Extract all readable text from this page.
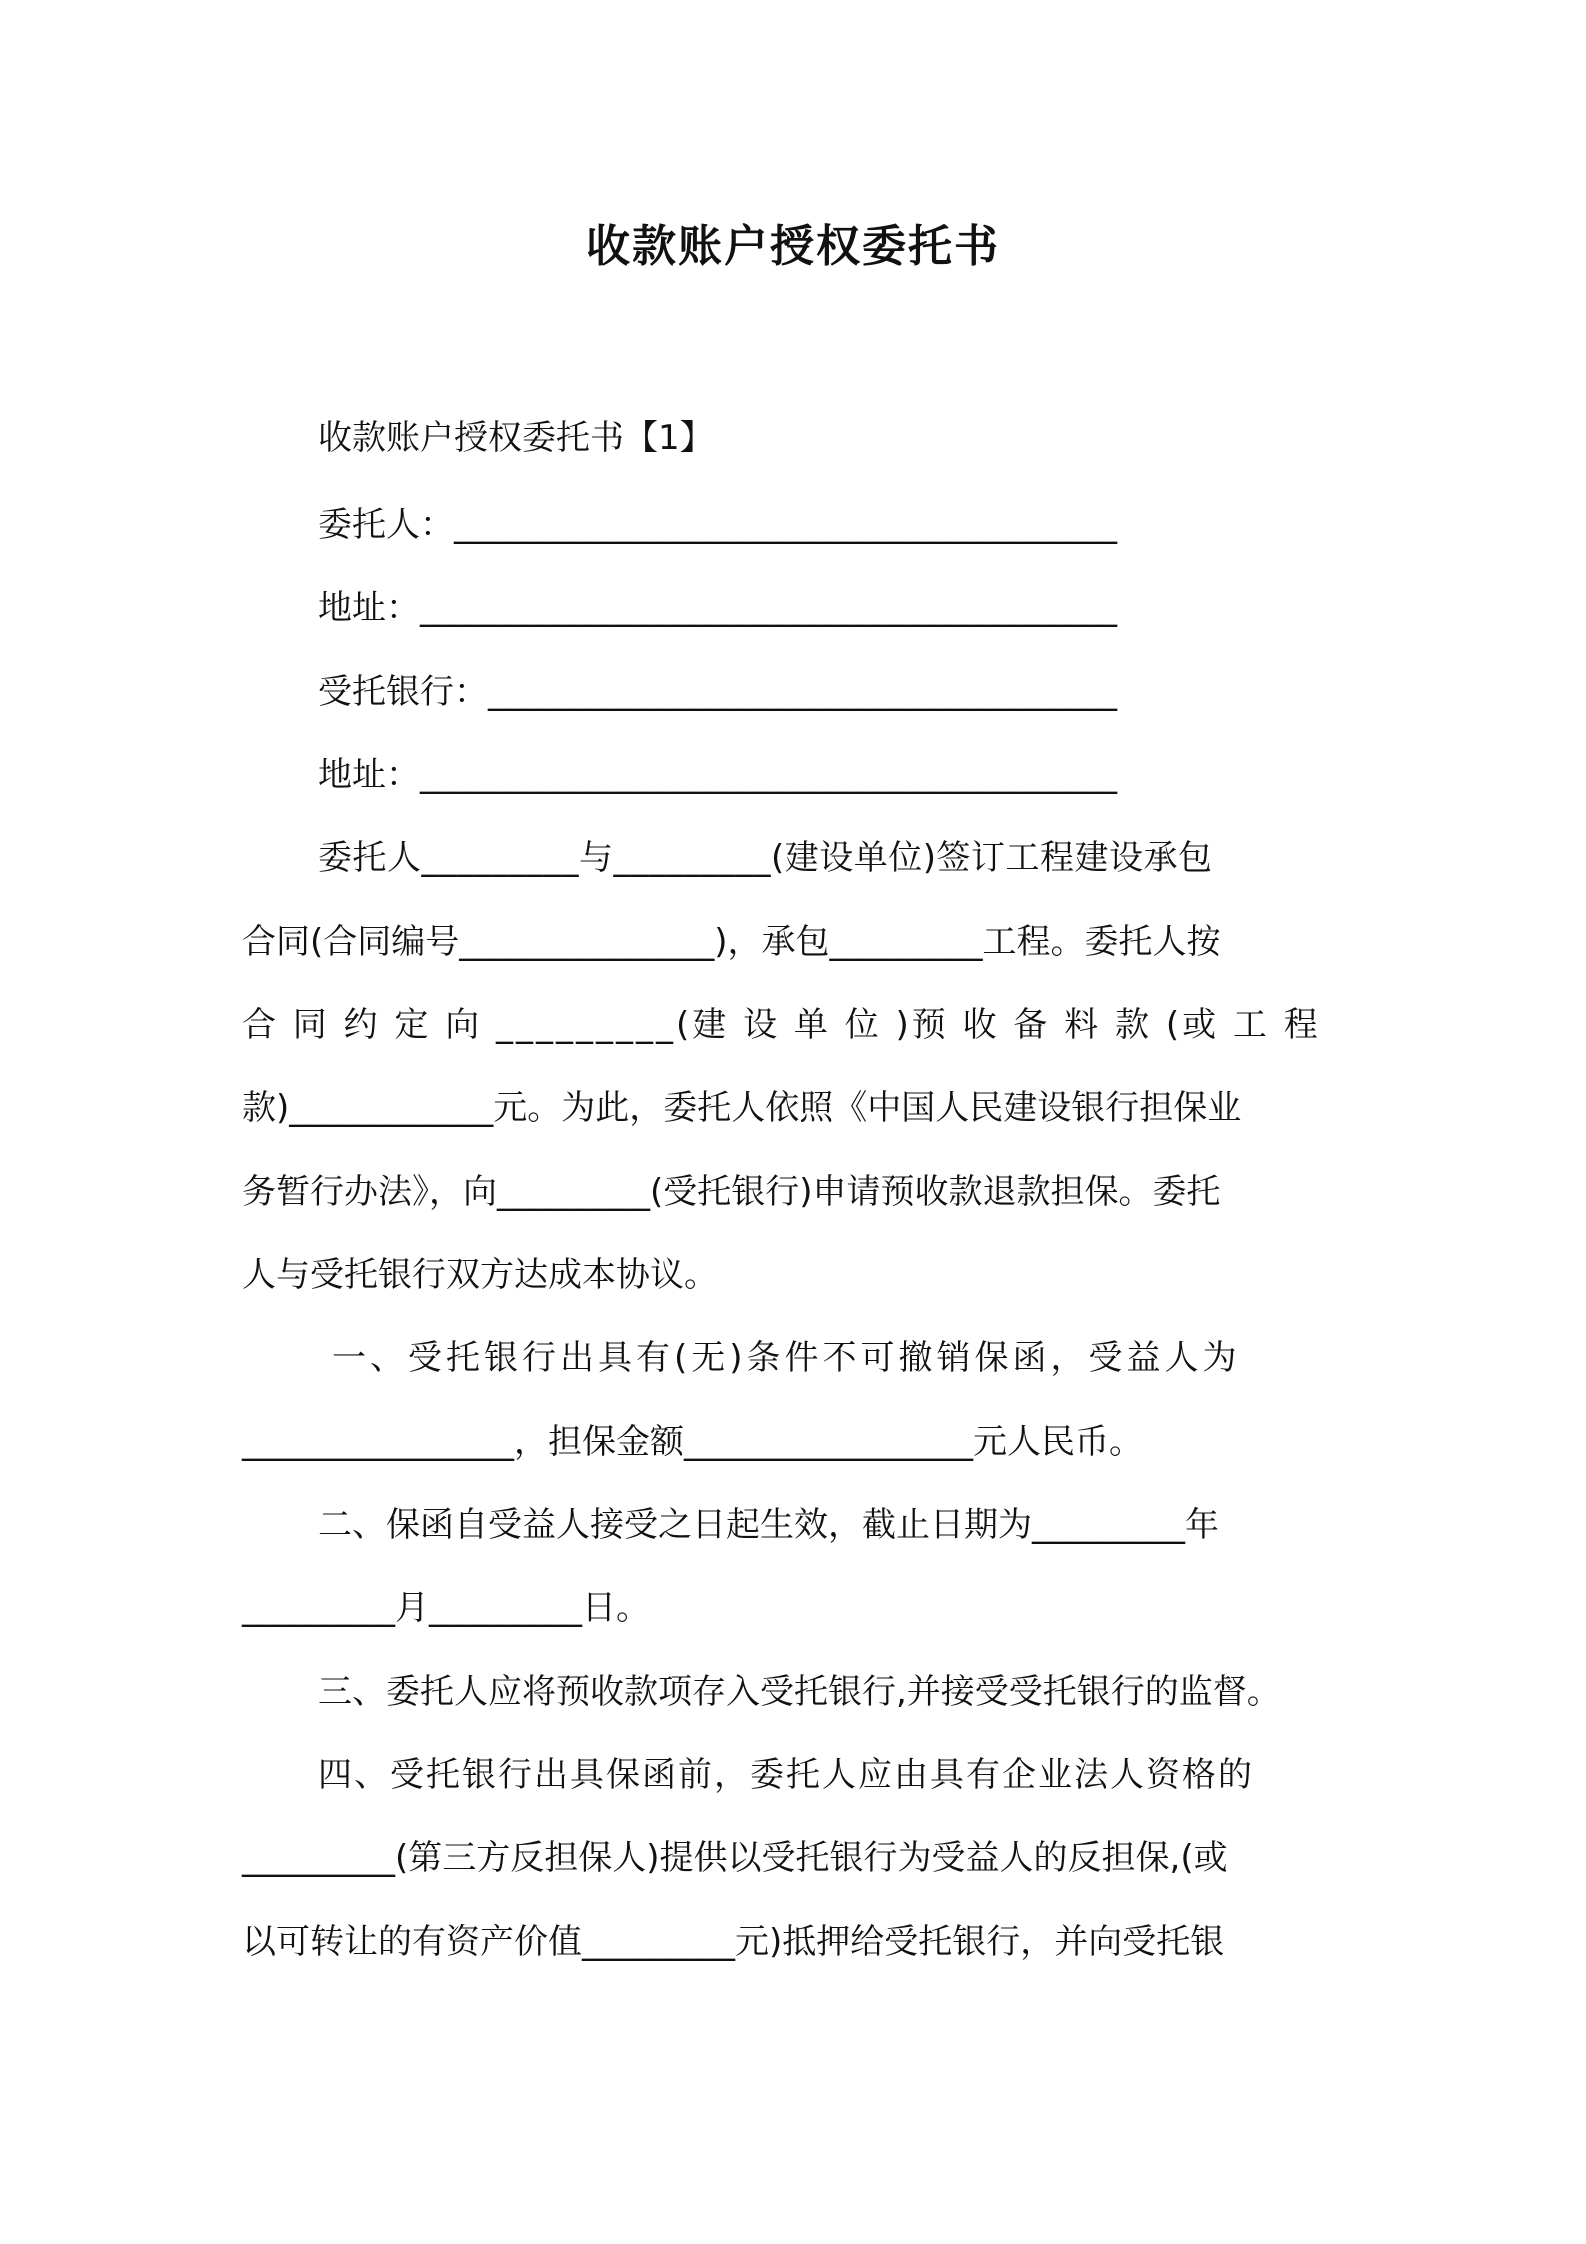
收款账户授权委托书
收款账户授权委托书【1】
委托人：_______________________________________
地址：_________________________________________
受托银行：_____________________________________
地址：_________________________________________
委托人_________与_________(建设单位)签订工程建设承包
合同(合同编号_______________)，承包_________工程。委托人按
合 同 约 定 向 _________(建 设 单 位 )预 收 备 料 款 (或 工 程
款)____________元。为此，委托人依照《中国人民建设银行担保业
务暂行办法》，向_________(受托银行)申请预收款退款担保。委托
人与受托银行双方达成本协议。
一、受托银行出具有(无)条件不可撤销保函，受益人为
________________，担保金额_________________元人民币。
二、保函自受益人接受之日起生效，截止日期为_________年
_________月_________日。
三、委托人应将预收款项存入受托银行,并接受受托银行的监督。
四、受托银行出具保函前，委托人应由具有企业法人资格的
_________(第三方反担保人)提供以受托银行为受益人的反担保,(或
以可转让的有资产价值_________元)抵押给受托银行，并向受托银
